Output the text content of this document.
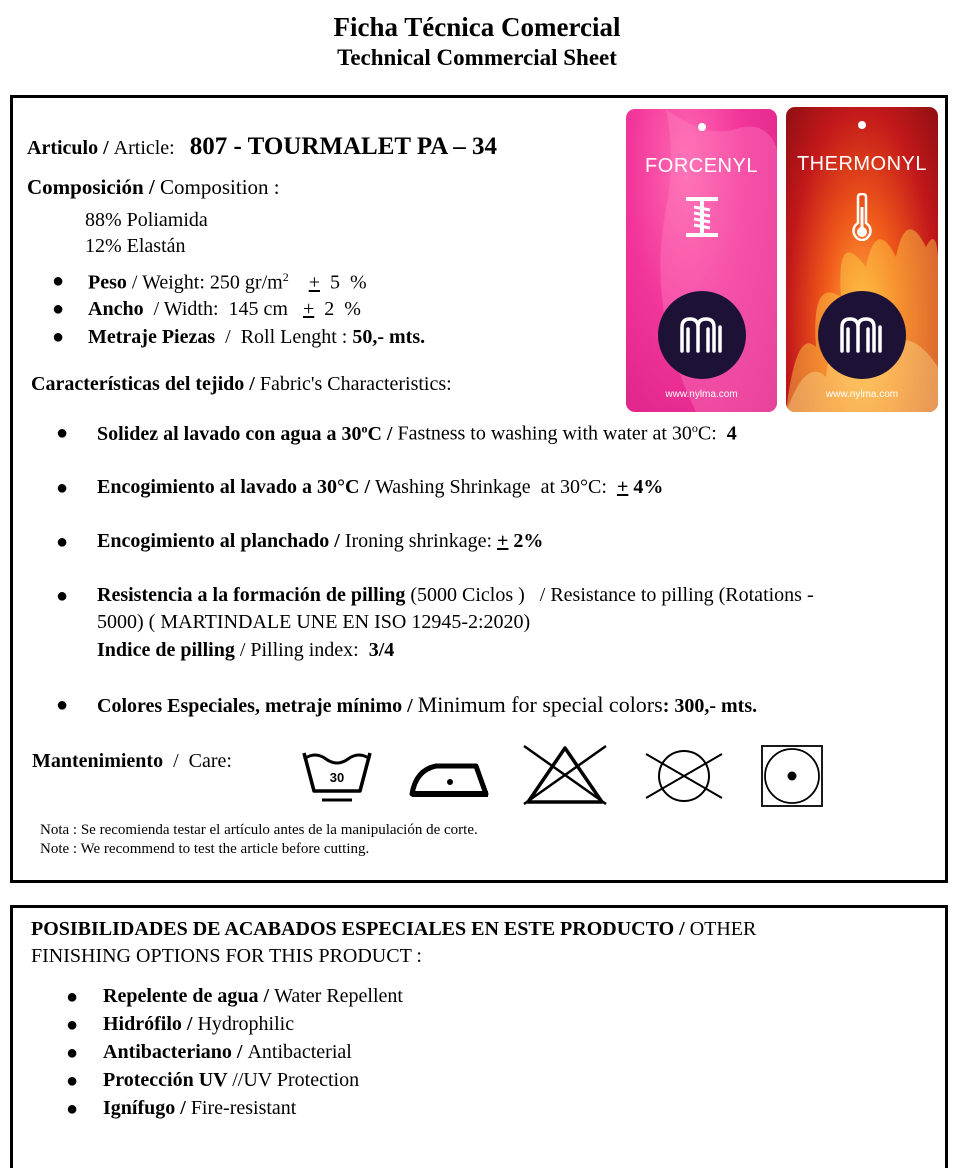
Ficha Técnica Comercial
Technical Commercial Sheet
Articulo / Article: 807 - TOURMALET PA – 34
Composición / Composition :
88% Poliamida
12% Elastán
● Peso / Weight: 250 $gr/m^2 + 5$  %
● Ancho  / Width:  145 cm   +  2  %
● Metraje Piezas  /  Roll Lenght : 50,- mts.
Características del tejido / Fabric's Characteristics:
● Solidez al lavado con agua a 30$^o$C / Fastness to washing with water at 30$^o$C:  4
● Encogimiento al lavado a 30°C / Washing Shrinkage  at 30°C:  + 4%
● Encogimiento al planchado / Ironing shrinkage: + 2%
● Resistencia a la formación de pilling (5000 Ciclos )   / Resistance to pilling (Rotations -
5000) ( MARTINDALE UNE EN ISO 12945-2:2020)
Indice de pilling / Pilling index:  3/4
● Colores Especiales, metraje mínimo / Minimum for special colors: 300,- mts.
Mantenimiento  /  Care:
30
Nota : Se recomienda testar el artículo antes de la manipulación de corte.
Note : We recommend to test the article before cutting.
FORCENYL
www.nylma.com
THERMONYL
www.nylma.com
POSIBILIDADES DE ACABADOS ESPECIALES EN ESTE PRODUCTO / OTHER
FINISHING OPTIONS FOR THIS PRODUCT :
● Repelente de agua / Water Repellent
● Hidrófilo / Hydrophilic
● Antibacteriano / Antibacterial
● Protección UV //UV Protection
● Ignífugo / Fire-resistant
